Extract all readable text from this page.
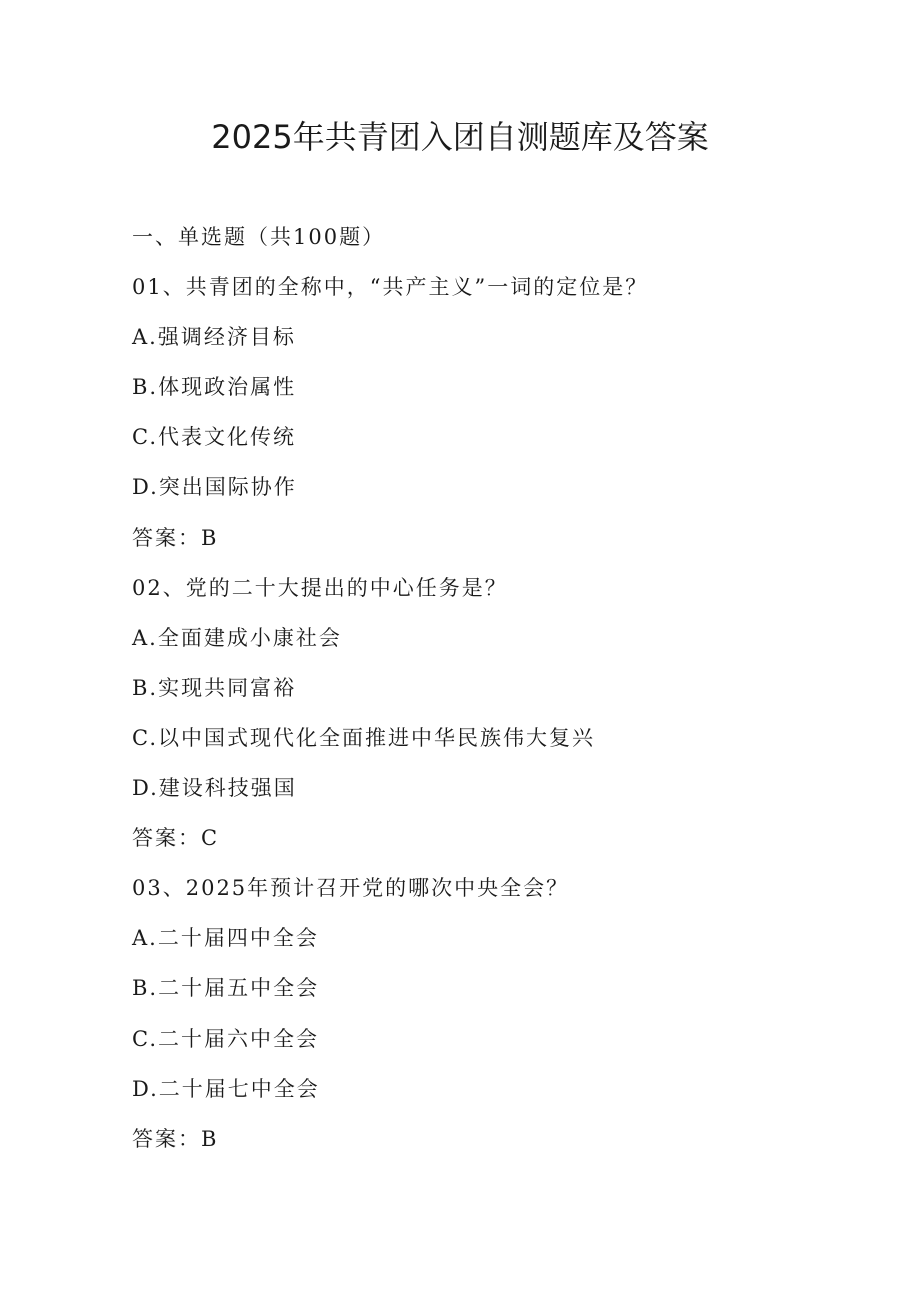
2025年共青团入团自测题库及答案
一、单选题（共100题）
01、共青团的全称中，“共产主义”一词的定位是？
A.强调经济目标
B.体现政治属性
C.代表文化传统
D.突出国际协作
答案：B
02、党的二十大提出的中心任务是？
A.全面建成小康社会
B.实现共同富裕
C.以中国式现代化全面推进中华民族伟大复兴
D.建设科技强国
答案：C
03、2025年预计召开党的哪次中央全会？
A.二十届四中全会
B.二十届五中全会
C.二十届六中全会
D.二十届七中全会
答案：B
